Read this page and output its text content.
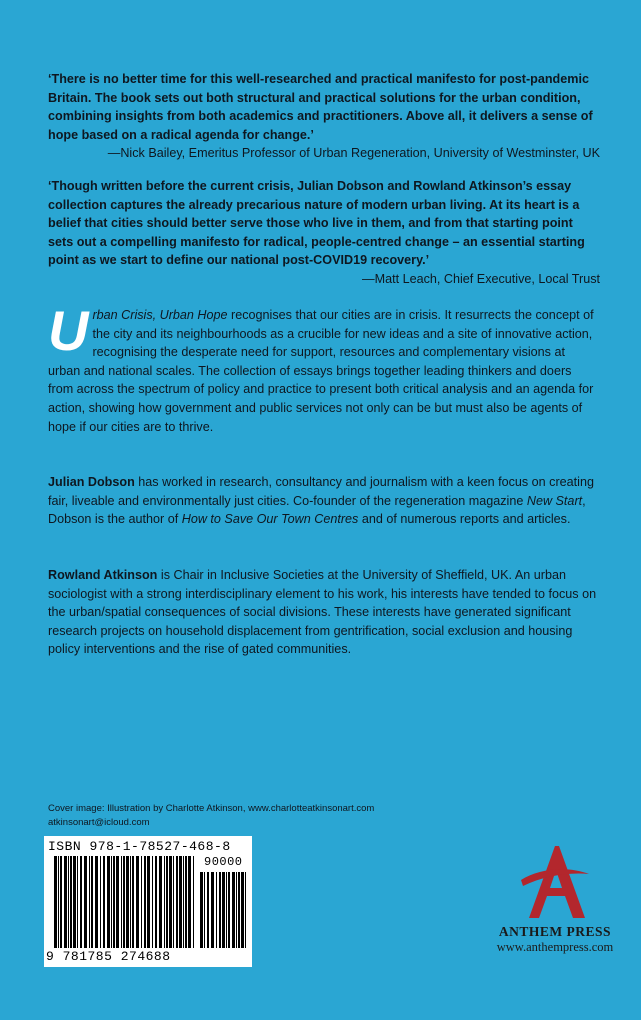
‘There is no better time for this well-researched and practical manifesto for post-pandemic Britain. The book sets out both structural and practical solutions for the urban condition, combining insights from both academics and practitioners. Above all, it delivers a sense of hope based on a radical agenda for change.’
—Nick Bailey, Emeritus Professor of Urban Regeneration, University of Westminster, UK
‘Though written before the current crisis, Julian Dobson and Rowland Atkinson’s essay collection captures the already precarious nature of modern urban living. At its heart is a belief that cities should better serve those who live in them, and from that starting point sets out a compelling manifesto for radical, people-centred change – an essential starting point as we start to define our national post-COVID19 recovery.’
—Matt Leach, Chief Executive, Local Trust
Urban Crisis, Urban Hope recognises that our cities are in crisis. It resurrects the concept of the city and its neighbourhoods as a crucible for new ideas and a site of innovative action, recognising the desperate need for support, resources and complementary visions at urban and national scales. The collection of essays brings together leading thinkers and doers from across the spectrum of policy and practice to present both critical analysis and an agenda for action, showing how government and public services not only can be but must also be agents of hope if our cities are to thrive.
Julian Dobson has worked in research, consultancy and journalism with a keen focus on creating fair, liveable and environmentally just cities. Co-founder of the regeneration magazine New Start, Dobson is the author of How to Save Our Town Centres and of numerous reports and articles.
Rowland Atkinson is Chair in Inclusive Societies at the University of Sheffield, UK. An urban sociologist with a strong interdisciplinary element to his work, his interests have tended to focus on the urban/spatial consequences of social divisions. These interests have generated significant research projects on household displacement from gentrification, social exclusion and housing policy interventions and the rise of gated communities.
Cover image: Illustration by Charlotte Atkinson, www.charlotteatkinsonart.com
atkinsonart@icloud.com
ISBN 978-1-78527-468-8
90000
9 781785 274688
ANTHEM PRESS
www.anthempress.com
